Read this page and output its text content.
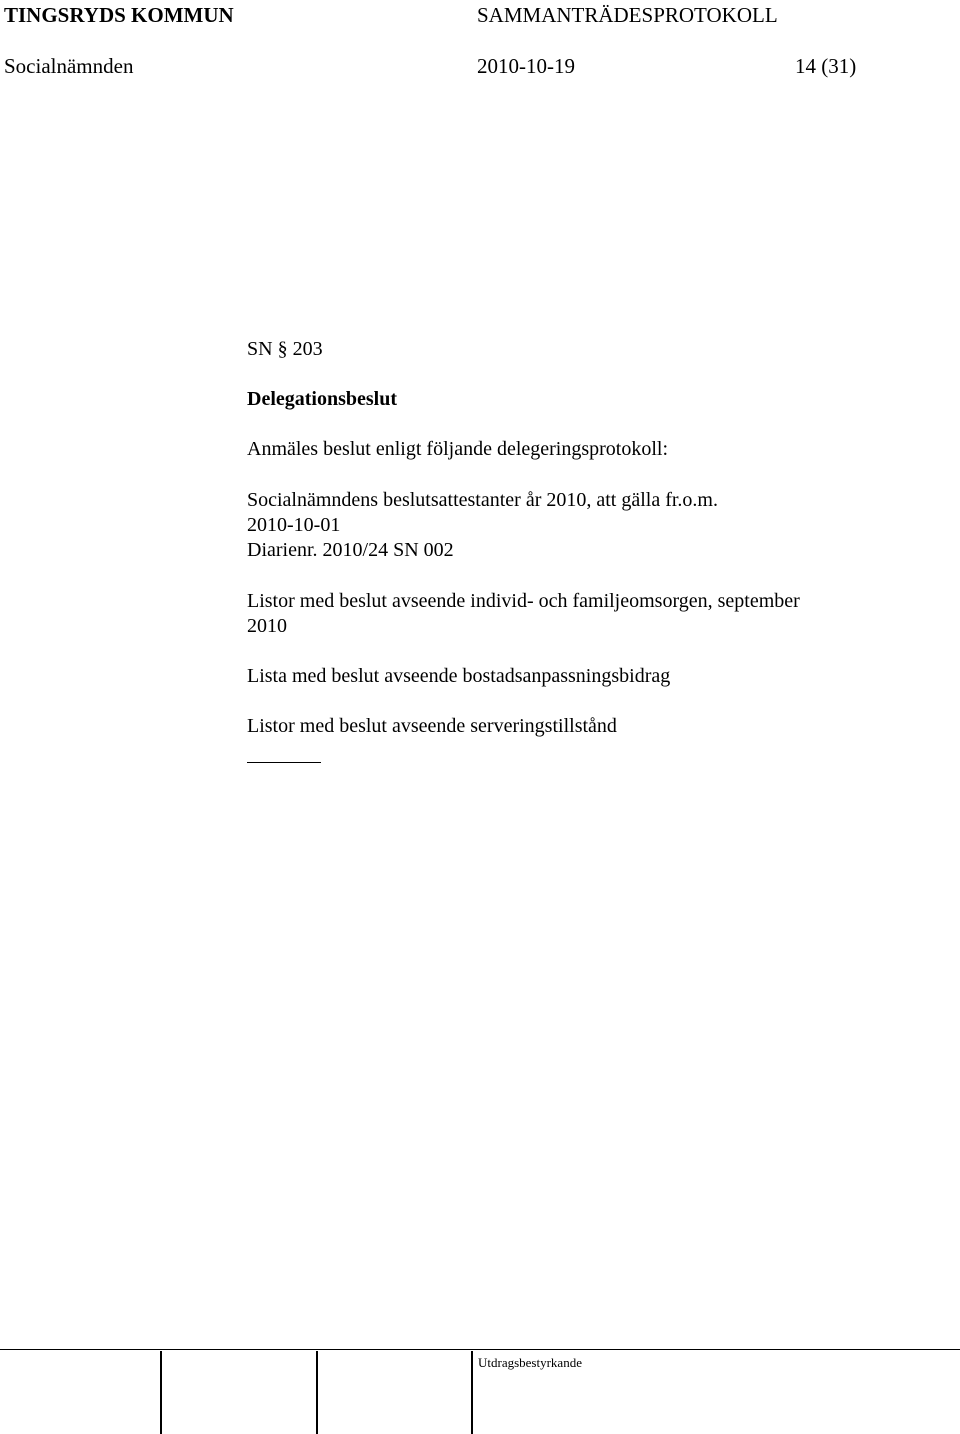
TINGSRYDS KOMMUN	SAMMANTRÄDESPROTOKOLL
Socialnämnden	2010-10-19	14 (31)
SN § 203
Delegationsbeslut
Anmäles beslut enligt följande delegeringsprotokoll:
Socialnämndens beslutsattestanter år 2010, att gälla fr.o.m.
2010-10-01
Diarienr. 2010/24 SN 002
Listor med beslut avseende individ- och familjeomsorgen, september
2010
Lista med beslut avseende bostadsanpassningsbidrag
Listor med beslut avseende serveringstillstånd
Utdragsbestyrkande
